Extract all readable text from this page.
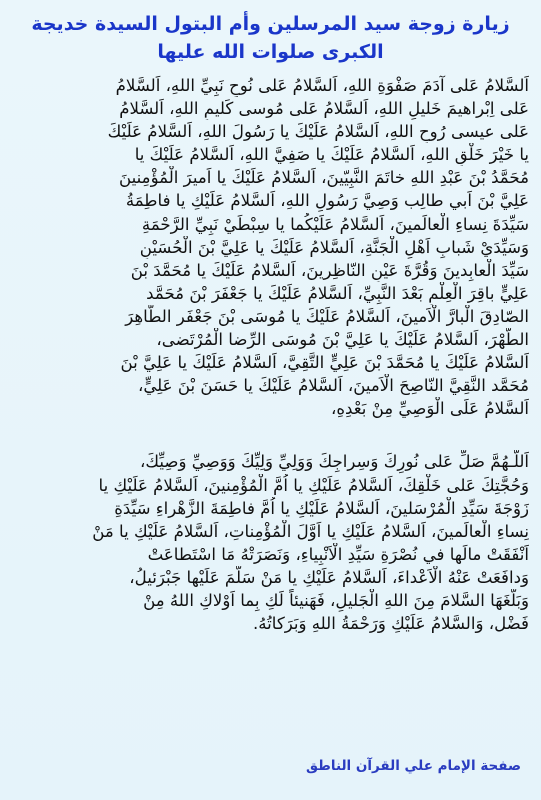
زيارة زوجة سيد المرسلين وأم البتول السيدة خديجة
الكبرى صلوات الله عليها
اَلسَّلامُ عَلى آدَمَ صَفْوَةِ اللهِ، اَلسَّلامُ عَلى نُوحٍ نَبِيِّ اللهِ، اَلسَّلامُ
عَلى اِبْراهيمَ خَليلِ اللهِ، اَلسَّلامُ عَلى مُوسى كَليمِ اللهِ، اَلسَّلامُ
عَلى عيسى رُوحِ اللهِ، اَلسَّلامُ عَلَيْكَ يا رَسُولَ اللهِ، اَلسَّلامُ عَلَيْكَ
يا خَيْرَ خَلْقِ اللهِ، اَلسَّلامُ عَلَيْكَ يا صَفِيَّ اللهِ، اَلسَّلامُ عَلَيْكَ يا
مُحَمَّدُ بْنَ عَبْدِ اللهِ خاتَمَ النَّبِيّينَ، اَلسَّلامُ عَلَيْكَ يا اَميرَ الْمُؤْمِنينَ
عَلِيَّ بْنَ اَبي طالِب وَصِيَّ رَسُولِ اللهِ، اَلسَّلامُ عَلَيْكِ يا فاطِمَةُ
سَيِّدَةَ نِساءِ الْعالَمينَ، اَلسَّلامُ عَلَيْكُما يا سِبْطَيْ نَبِيِّ الرَّحْمَةِ
وَسَيِّدَيْ شَبابِ اَهْلِ الْجَنَّةِ، اَلسَّلامُ عَلَيْكَ يا عَلِيَّ بْنَ الْحُسَيْنِ
سَيِّدَ الْعابِدينَ وَقُرَّةَ عَيْنِ النّاظِرينَ، اَلسَّلامُ عَلَيْكَ يا مُحَمَّدَ بْنَ
عَلِيٍّ باقِرَ الْعِلْمِ بَعْدَ النَّبِيِّ، اَلسَّلامُ عَلَيْكَ يا جَعْفَرَ بْنَ مُحَمَّد
الصّادِقَ الْبارَّ الْاَمينَ، اَلسَّلامُ عَلَيْكَ يا مُوسَى بْنَ جَعْفَر الطّاهِرَ
الطُّهْرَ، اَلسَّلامُ عَلَيْكَ يا عَلِيَّ بْنَ مُوسَى الرِّضا الْمُرْتَضى،
اَلسَّلامُ عَلَيْكَ يا مُحَمَّدَ بْنَ عَلِيٍّ التَّقِيَّ، اَلسَّلامُ عَلَيْكَ يا عَلِيَّ بْنَ
مُحَمَّد النَّقِيَّ النّاصِحَ الْاَمينَ، اَلسَّلامُ عَلَيْكَ يا حَسَنَ بْنَ عَلِيٍّ،
اَلسَّلامُ عَلَى الْوَصِيِّ مِنْ بَعْدِهِ،
اَللّـهُمَّ صَلِّ عَلى نُورِكَ وَسِراجِكَ وَوَلِيِّ وَلِيِّكَ وَوَصِيِّ وَصِيِّكَ،
وَحُجَّتِكَ عَلى خَلْقِكَ، اَلسَّلامُ عَلَيْكِ يا اُمَّ الْمُؤْمِنينَ، اَلسَّلامُ عَلَيْكِ يا
زَوْجَةَ سَيِّدِ الْمُرْسَلينَ، اَلسَّلامُ عَلَيْكِ يا اُمَّ فاطِمَةَ الزَّهْراءِ سَيِّدَةِ
نِساءِ الْعالَمينَ، اَلسَّلامُ عَلَيْكِ يا اَوَّلَ الْمُؤْمِناتِ، اَلسَّلامُ عَلَيْكِ يا مَنْ
اَنْفَقَتْ مالَها في نُصْرَةِ سَيِّدِ الْاَنْبِياءِ، وَنَصَرَتْهُ مَا اسْتَطاعَتْ
وَدافَعَتْ عَنْهُ الْاَعْداءَ، اَلسَّلامُ عَلَيْكِ يا مَنْ سَلَّمَ عَلَيْها جَبْرَئيلُ،
وَبَلَّغَهَا السَّلامَ مِنَ اللهِ الْجَليلِ، فَهَنيئاً لَكِ بِما اَوْلاكِ اللهُ مِنْ
فَضْل، وَالسَّلامُ عَلَيْكِ وَرَحْمَةُ اللهِ وَبَرَكاتُهُ.
صفحة الإمام علي القرآن الناطق
